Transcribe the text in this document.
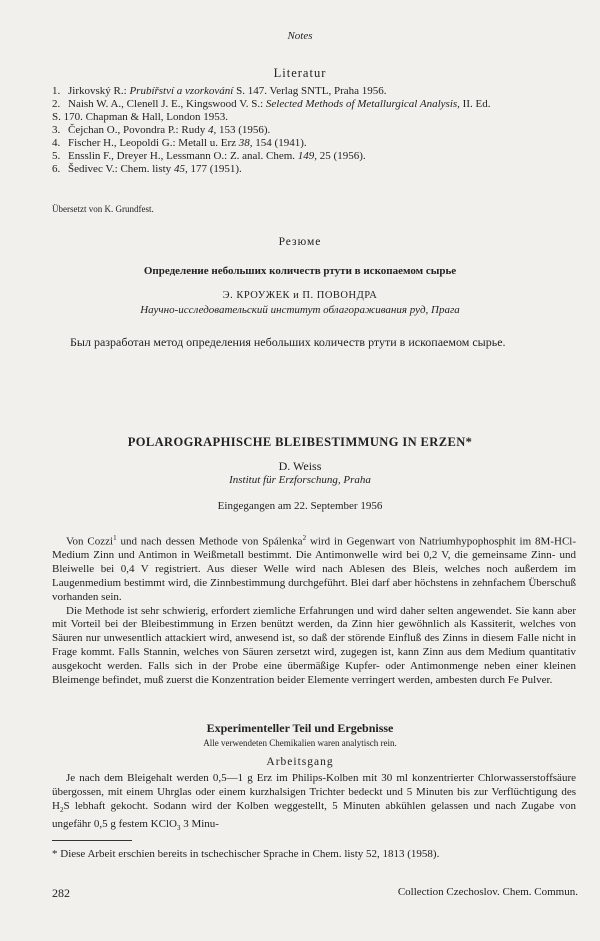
Notes
Literatur
1. Jirkovský R.: Prubířství a vzorkování S. 147. Verlag SNTL, Praha 1956.
2. Naish W. A., Clenell J. E., Kingswood V. S.: Selected Methods of Metallurgical Analysis, II. Ed.
S. 170. Chapman & Hall, London 1953.
3. Čejchan O., Povondra P.: Rudy 4, 153 (1956).
4. Fischer H., Leopoldi G.: Metall u. Erz 38, 154 (1941).
5. Ensslin F., Dreyer H., Lessmann O.: Z. anal. Chem. 149, 25 (1956).
6. Šedivec V.: Chem. listy 45, 177 (1951).
Übersetzt von K. Grundfest.
Резюме
Определение небольших количеств ртути в ископаемом сырье
Э. КРОУЖЕК и П. ПОВОНДРА
Научно-исследовательский институт облагораживания руд, Прага
Был разработан метод определения небольших количеств ртути в ископаемом сырье.
POLAROGRAPHISCHE BLEIBESTIMMUNG IN ERZEN*
D. Weiss
Institut für Erzforschung, Praha
Eingegangen am 22. September 1956

Von Cozzi$^1$ und nach dessen Methode von Spálenka$^2$ wird in Gegenwart von Natriumhypophosphit im 8M-HCl-Medium Zinn und Antimon in Weißmetall bestimmt. Die Antimonwelle wird bei 0,2 V, die gemeinsame Zinn- und Bleiwelle bei 0,4 V registriert. Aus dieser Welle wird nach Ablesen des Bleis, welches noch außerdem im Laugenmedium bestimmt wird, die Zinnbestimmung durchgeführt. Blei darf aber höchstens in zehnfachem Überschuß vorhanden sein.

Die Methode ist sehr schwierig, erfordert ziemliche Erfahrungen und wird daher selten angewendet. Sie kann aber mit Vorteil bei der Bleibestimmung in Erzen benützt werden, da Zinn hier gewöhnlich als Kassiterit, welches von Säuren nur unwesentlich attackiert wird, anwesend ist, so daß der störende Einfluß des Zinns in diesem Falle nicht in Frage kommt. Falls Stannin, welches von Säuren zersetzt wird, zugegen ist, kann Zinn aus dem Medium quantitativ ausgekocht werden. Falls sich in der Probe eine übermäßige Kupfer- oder Antimonmenge neben einer kleinen Bleimenge befindet, muß zuerst die Konzentration beider Elemente verringert werden, ambesten durch Fe Pulver.

Experimenteller Teil und Ergebnisse
Alle verwendeten Chemikalien waren analytisch rein.
Arbeitsgang

Je nach dem Bleigehalt werden 0,5—1 g Erz im Philips-Kolben mit 30 ml konzentrierter Chlorwasserstoffsäure übergossen, mit einem Uhrglas oder einem kurzhalsigen Trichter bedeckt und 5 Minuten bis zur Verflüchtigung des $H_2S$ lebhaft gekocht. Sodann wird der Kolben weggestellt, 5 Minuten abkühlen gelassen und nach Zugabe von ungefähr 0,5 g festem KClO$_3$ 3 Minu-

* Diese Arbeit erschien bereits in tschechischer Sprache in Chem. listy 52, 1813 (1958).
282	Collection Czechoslov. Chem. Commun.
